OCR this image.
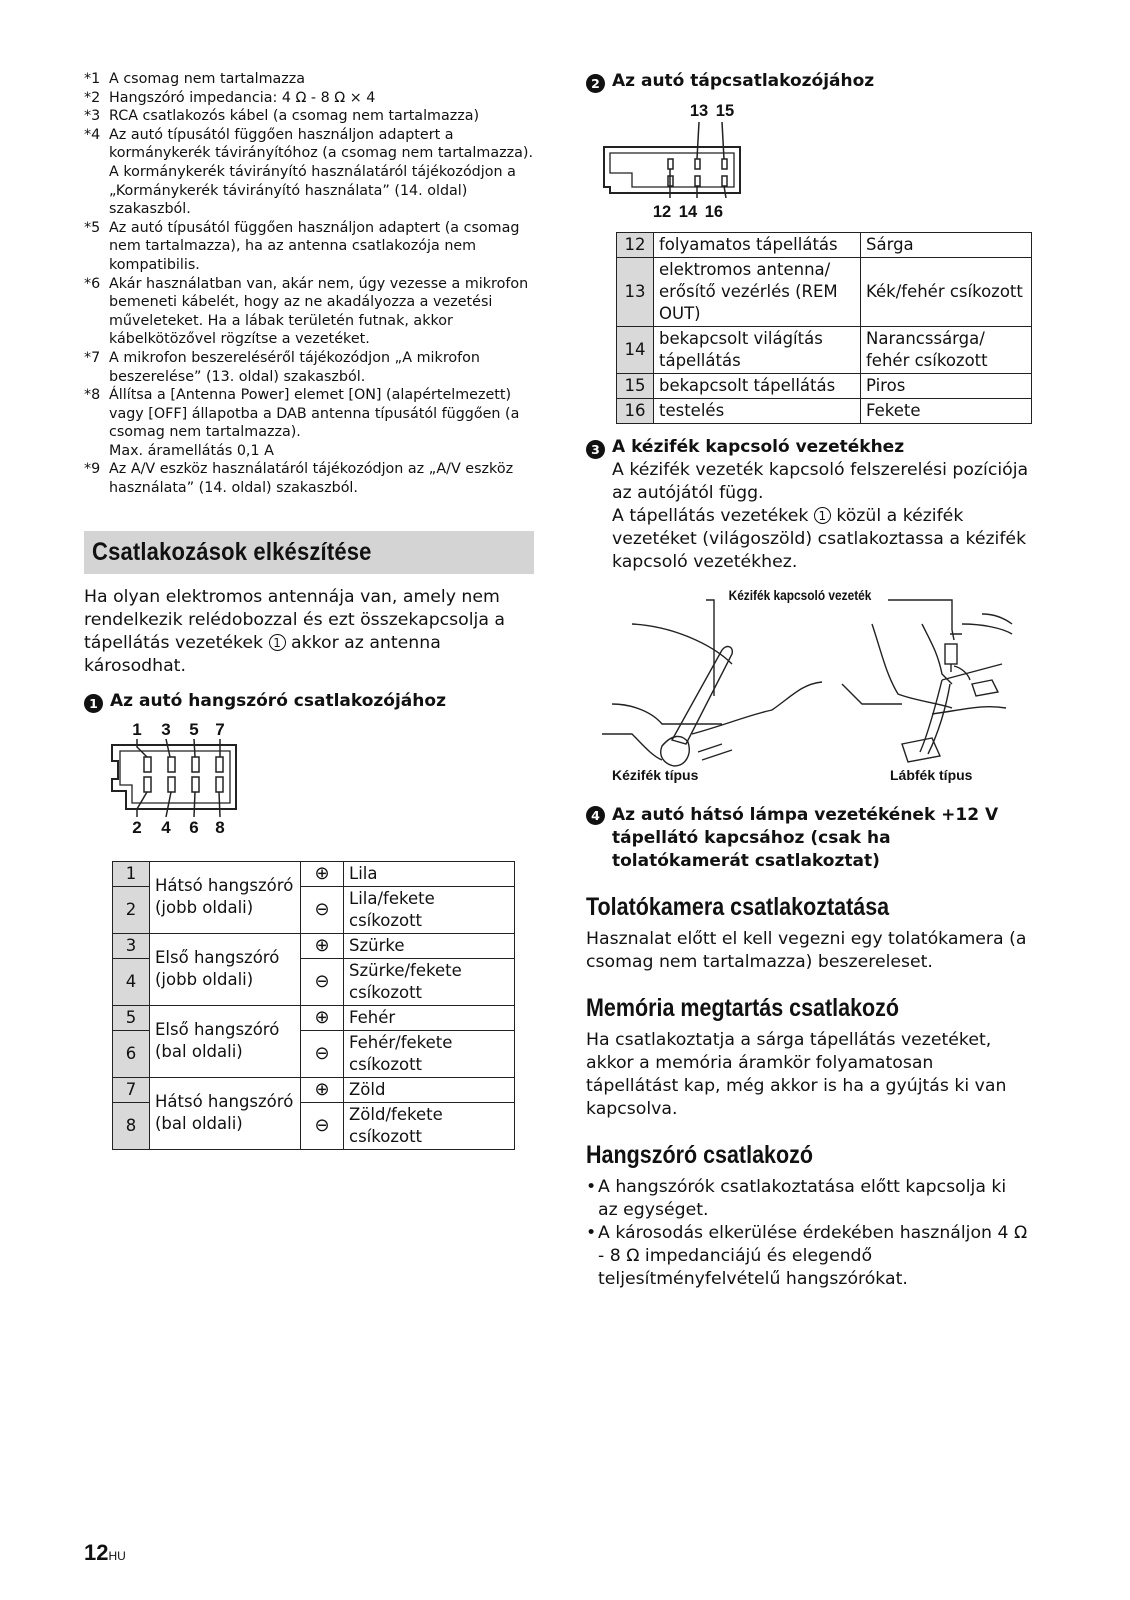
*1 A csomag nem tartalmazza

*2 Hangszóró impedancia: 4 Ω - 8 Ω × 4

*3 RCA csatlakozós kábel (a csomag nem tartalmazza)

*4 Az autó típusától függően használjon adaptert a kormánykerék távirányítóhoz (a csomag nem tartalmazza).

A kormánykerék távirányító használatáról tájékozódjon a „Kormánykerék távirányító használata” (14. oldal) szakaszból.

*5 Az autó típusától függően használjon adaptert (a csomag nem tartalmazza), ha az antenna csatlakozója nem kompatibilis.

*6 Akár használatban van, akár nem, úgy vezesse a mikrofon bemeneti kábelét, hogy az ne akadályozza a vezetési műveleteket. Ha a lábak területén futnak, akkor kábelkötözővel rögzítse a vezetéket.

*7 A mikrofon beszereléséről tájékozódjon „A mikrofon beszerelése” (13. oldal) szakaszból.

*8 Állítsa a [Antenna Power] elemet [ON] (alapértelmezett) vagy [OFF] állapotba a DAB antenna típusától függően (a csomag nem tartalmazza).

Max. áramellátás 0,1 A

*9 Az A/V eszköz használatáról tájékozódjon az „A/V eszköz használata” (14. oldal) szakaszból.

Csatlakozások elkészítése

Ha olyan elektromos antennája van, amely nem rendelkezik relédobozzal és ezt összekapcsolja a tápellátás vezetékek 1 akkor az antenna károsodhat.

1 Az autó hangszóró csatlakozójához

1 3 5 7
2 4 6 8
1	Hátsó hangszóró (jobb oldali)	⊕	Lila
2		⊖	Lila/fekete csíkozott
3	Első hangszóró (jobb oldali)	⊕	Szürke
4		⊖	Szürke/fekete csíkozott
5	Első hangszóró (bal oldali)	⊕	Fehér
6		⊖	Fehér/fekete csíkozott
7	Hátsó hangszóró (bal oldali)	⊕	Zöld
8		⊖	Zöld/fekete csíkozott

2 Az autó tápcsatlakozójához

13 15
12 14 16
12	folyamatos tápellátás	Sárga
13	elektromos antenna/ erősítő vezérlés (REM OUT)	Kék/fehér csíkozott
14	bekapcsolt világítás tápellátás	Narancssárga/ fehér csíkozott
15	bekapcsolt tápellátás	Piros
16	testelés	Fekete

3 A kézifék kapcsoló vezetékhez

A kézifék vezeték kapcsoló felszerelési pozíciója az autójától függ.

A tápellátás vezetékek 1 közül a kézifék vezetéket (világoszöld) csatlakoztassa a kézifék kapcsoló vezetékhez.

Kézifék kapcsoló vezeték
Kézifék típus	Lábfék típus
4 Az autó hátsó lámpa vezetékének +12 V tápellátó kapcsához (csak ha tolatókamerát csatlakoztat)

Tolatókamera csatlakoztatása

Hasznalat előtt el kell vegezni egy tolatókamera (a csomag nem tartalmazza) beszereleset.

Memória megtartás csatlakozó

Ha csatlakoztatja a sárga tápellátás vezetéket, akkor a memória áramkör folyamatosan tápellátást kap, még akkor is ha a gyújtás ki van kapcsolva.

Hangszóró csatlakozó
• A hangszórók csatlakoztatása előtt kapcsolja ki az egységet.
• A károsodás elkerülése érdekében használjon 4 Ω - 8 Ω impedanciájú és elegendő teljesítményfelvételű hangszórókat.
12HU
